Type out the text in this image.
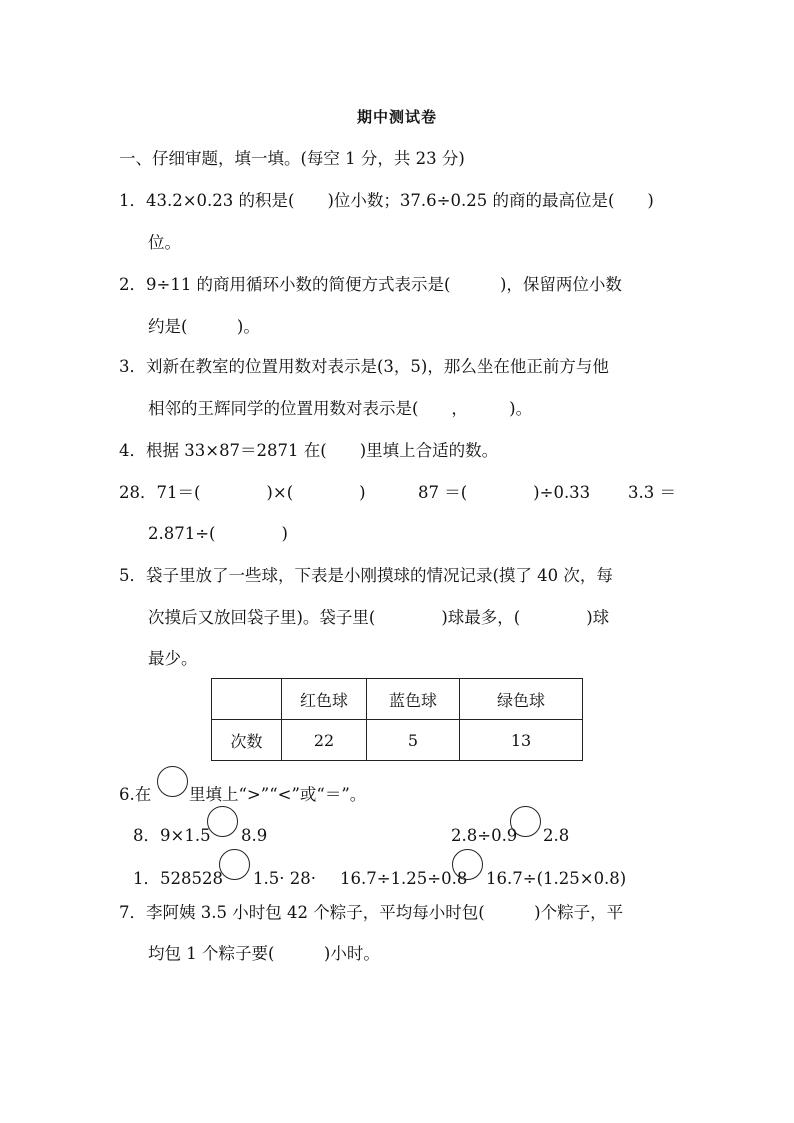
期中测试卷
一、仔细审题，填一填。(每空 1 分，共 23 分)
1．43.2×0.23 的积是(　　)位小数；37.6÷0.25 的商的最高位是(　　)
位。
2．9÷11 的商用循环小数的简便方式表示是(　　　)，保留两位小数
约是(　　　)。
3．刘新在教室的位置用数对表示是(3，5)，那么坐在他正前方与他
相邻的王辉同学的位置用数对表示是(　　，　　　)。
4．根据 33×87＝2871 在(　　)里填上合适的数。
28．71＝(　　　　)×(　　　　)	87 ＝(　　　　)÷0.33 3.3 ＝
2.871÷(　　　　)
5．袋子里放了一些球，下表是小刚摸球的情况记录(摸了 40 次，每
次摸后又放回袋子里)。袋子里(　　　　)球最多，(　　　　)球
最少。
	红色球	蓝色球	绿色球
次数	22	5	13
6.在 里填上“>”“<”或“＝”。
8．9×1.5 8.9	2.8÷0.9 2.8
1．528528 1.5· 28· 16.7÷1.25÷0.8 16.7÷(1.25×0.8)
7．李阿姨 3.5 小时包 42 个粽子，平均每小时包(　　　)个粽子，平
均包 1 个粽子要(　　　)小时。
